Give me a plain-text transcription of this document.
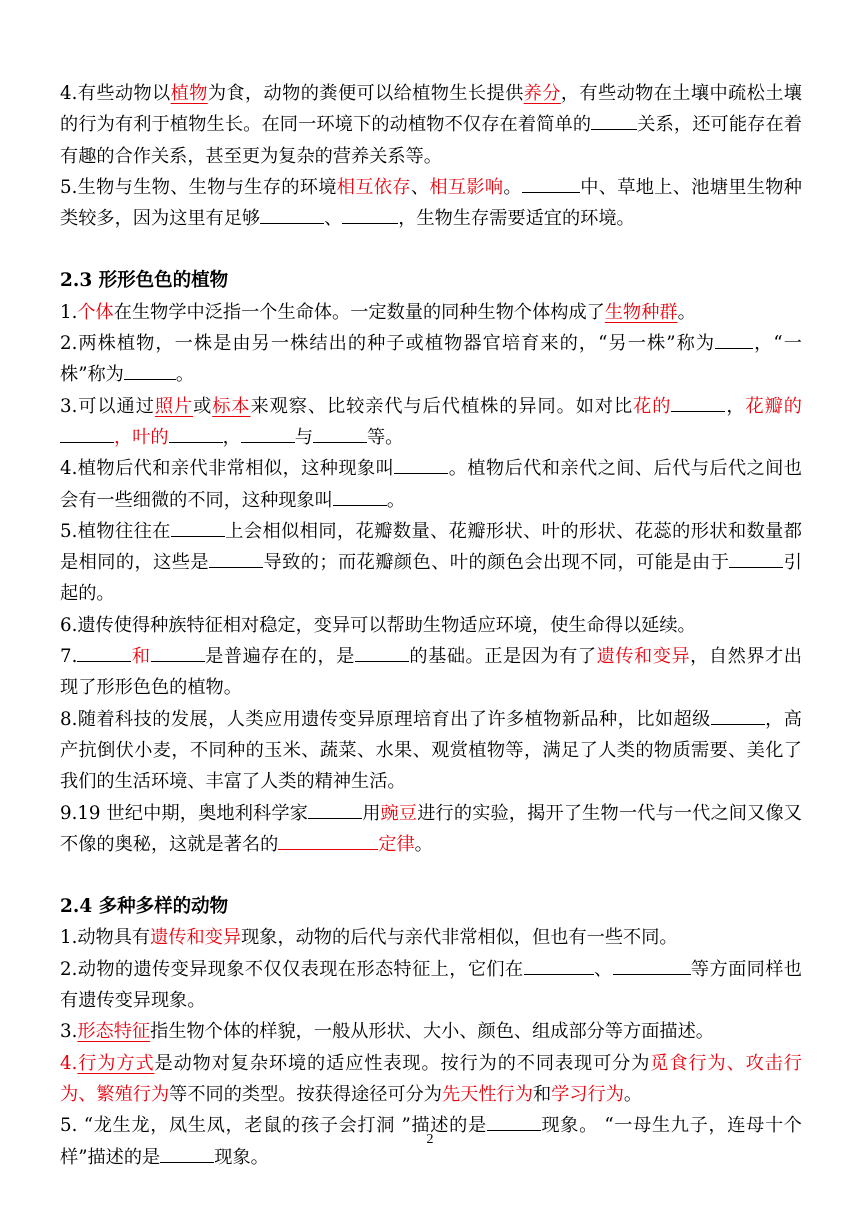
4.有些动物以植物为食，动物的粪便可以给植物生长提供养分，有些动物在土壤中疏松土壤的行为有利于植物生长。在同一环境下的动植物不仅存在着简单的	关系，还可能存在着有趣的合作关系，甚至更为复杂的营养关系等。

5.生物与生物、生物与生存的环境相互依存、相互影响。	中、草地上、池塘里生物种类较多，因为这里有足够	、	，生物生存需要适宜的环境。

2.3 形形色色的植物

1.个体在生物学中泛指一个生命体。一定数量的同种生物个体构成了生物种群。

2.两株植物，一株是由另一株结出的种子或植物器官培育来的，“另一株”称为 ，“一株”称为	。

3.可以通过照片或标本来观察、比较亲代与后代植株的异同。如对比花的	，花瓣的，叶的	，	与	等。

4.植物后代和亲代非常相似，这种现象叫	。植物后代和亲代之间、后代与后代之间也会有一些细微的不同，这种现象叫	。

5.植物往往在	上会相似相同，花瓣数量、花瓣形状、叶的形状、花蕊的形状和数量都是相同的，这些是	导致的；而花瓣颜色、叶的颜色会出现不同，可能是由于	引起的。

6.遗传使得种族特征相对稳定，变异可以帮助生物适应环境，使生命得以延续。

7.	和	是普遍存在的，是	的基础。正是因为有了遗传和变异，自然界才出现了形形色色的植物。

8.随着科技的发展，人类应用遗传变异原理培育出了许多植物新品种，比如超级	，高产抗倒伏小麦，不同种的玉米、蔬菜、水果、观赏植物等，满足了人类的物质需要、美化了我们的生活环境、丰富了人类的精神生活。

9.19 世纪中期，奥地利科学家	用豌豆进行的实验，揭开了生物一代与一代之间又像又不像的奥秘，这就是著名的	定律。

2.4 多种多样的动物

1.动物具有遗传和变异现象，动物的后代与亲代非常相似，但也有一些不同。

2.动物的遗传变异现象不仅仅表现在形态特征上，它们在	、	等方面同样也有遗传变异现象。

3.形态特征指生物个体的样貌，一般从形状、大小、颜色、组成部分等方面描述。

4.行为方式是动物对复杂环境的适应性表现。按行为的不同表现可分为觅食行为、攻击行为、繁殖行为等不同的类型。按获得途径可分为先天性行为和学习行为。

5. “龙生龙，凤生凤，老鼠的孩子会打洞 ”描述的是	现象。 “一母生九子，连母十个样”描述的是	现象。

2
